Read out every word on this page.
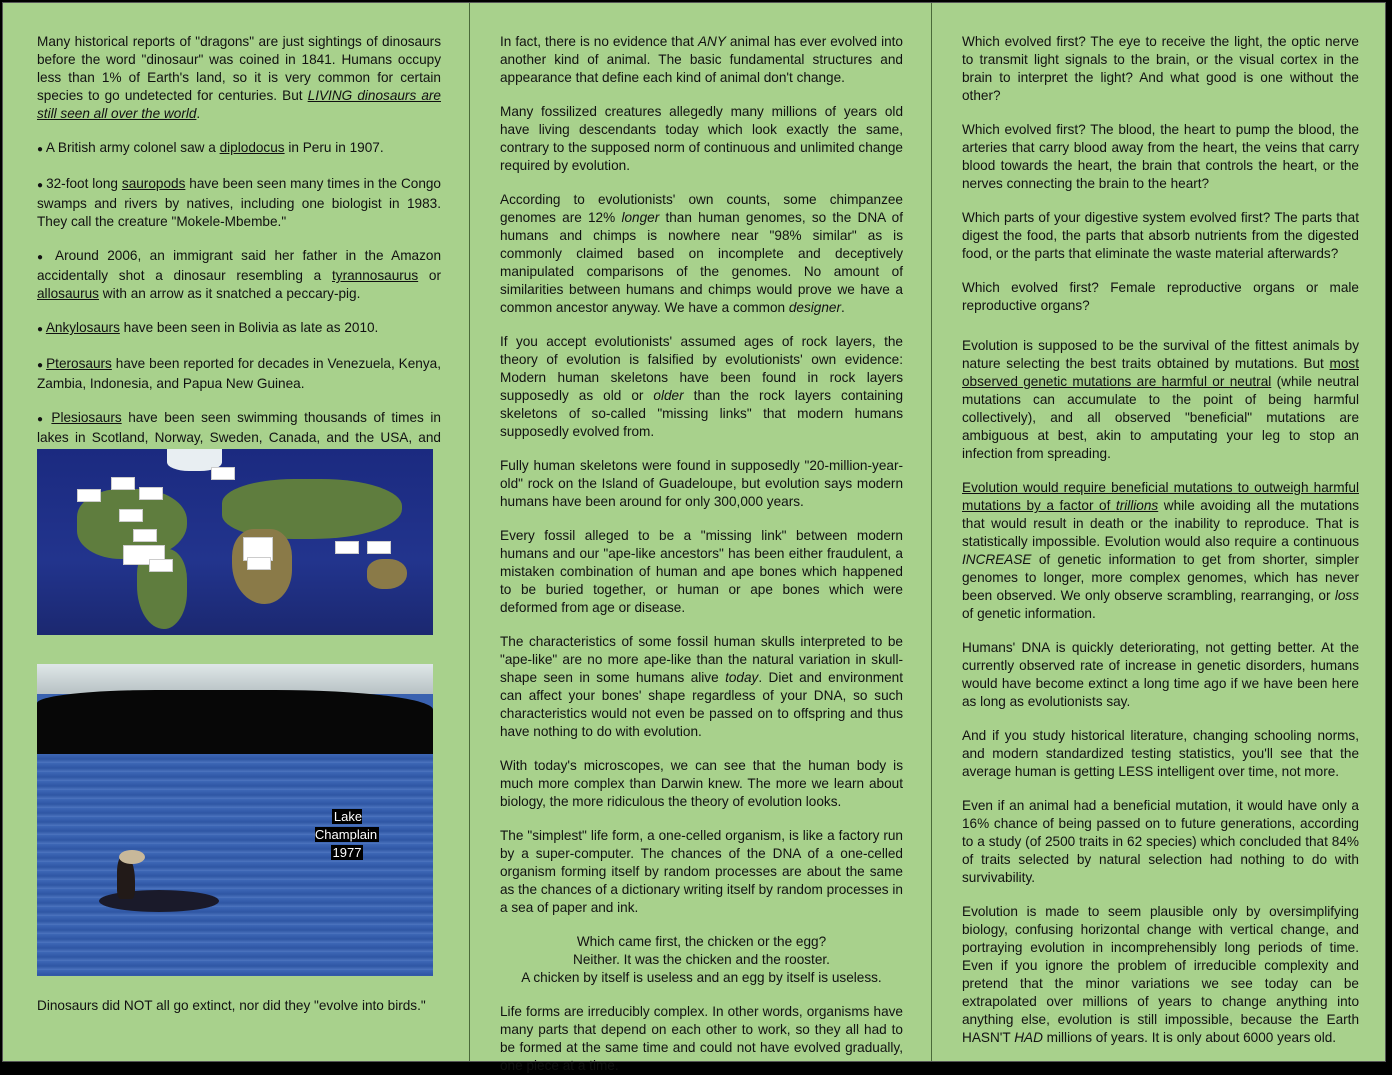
Many historical reports of "dragons" are just sightings of dinosaurs before the word "dinosaur" was coined in 1841. Humans occupy less than 1% of Earth's land, so it is very common for certain species to go undetected for centuries. But LIVING dinosaurs are still seen all over the world.

● A British army colonel saw a diplodocus in Peru in 1907.

● 32-foot long sauropods have been seen many times in the Congo swamps and rivers by natives, including one biologist in 1983. They call the creature "Mokele-Mbembe."

● Around 2006, an immigrant said her father in the Amazon accidentally shot a dinosaur resembling a tyrannosaurus or allosaurus with an arrow as it snatched a peccary-pig.

● Ankylosaurs have been seen in Bolivia as late as 2010.

● Pterosaurs have been reported for decades in Venezuela, Kenya, Zambia, Indonesia, and Papua New Guinea.

● Plesiosaurs have been seen swimming thousands of times in lakes in Scotland, Norway, Sweden, Canada, and the USA, and

Lake Champlain
1977
Dinosaurs did NOT all go extinct, nor did they "evolve into birds."

In fact, there is no evidence that ANY animal has ever evolved into another kind of animal. The basic fundamental structures and appearance that define each kind of animal don't change.

Many fossilized creatures allegedly many millions of years old have living descendants today which look exactly the same, contrary to the supposed norm of continuous and unlimited change required by evolution.

According to evolutionists' own counts, some chimpanzee genomes are 12% longer than human genomes, so the DNA of humans and chimps is nowhere near "98% similar" as is commonly claimed based on incomplete and deceptively manipulated comparisons of the genomes. No amount of similarities between humans and chimps would prove we have a common ancestor anyway. We have a common designer.

If you accept evolutionists' assumed ages of rock layers, the theory of evolution is falsified by evolutionists' own evidence: Modern human skeletons have been found in rock layers supposedly as old or older than the rock layers containing skeletons of so-called "missing links" that modern humans supposedly evolved from.

Fully human skeletons were found in supposedly "20-million-year-old" rock on the Island of Guadeloupe, but evolution says modern humans have been around for only 300,000 years.

Every fossil alleged to be a "missing link" between modern humans and our "ape-like ancestors" has been either fraudulent, a mistaken combination of human and ape bones which happened to be buried together, or human or ape bones which were deformed from age or disease.

The characteristics of some fossil human skulls interpreted to be "ape-like" are no more ape-like than the natural variation in skull-shape seen in some humans alive today. Diet and environment can affect your bones' shape regardless of your DNA, so such characteristics would not even be passed on to offspring and thus have nothing to do with evolution.

With today's microscopes, we can see that the human body is much more complex than Darwin knew. The more we learn about biology, the more ridiculous the theory of evolution looks.

The "simplest" life form, a one-celled organism, is like a factory run by a super-computer. The chances of the DNA of a one-celled organism forming itself by random processes are about the same as the chances of a dictionary writing itself by random processes in a sea of paper and ink.

Which came first, the chicken or the egg?
Neither. It was the chicken and the rooster.
A chicken by itself is useless and an egg by itself is useless.

Life forms are irreducibly complex. In other words, organisms have many parts that depend on each other to work, so they all had to be formed at the same time and could not have evolved gradually, one piece at a time.

Which evolved first? The eye to receive the light, the optic nerve to transmit light signals to the brain, or the visual cortex in the brain to interpret the light? And what good is one without the other?

Which evolved first? The blood, the heart to pump the blood, the arteries that carry blood away from the heart, the veins that carry blood towards the heart, the brain that controls the heart, or the nerves connecting the brain to the heart?

Which parts of your digestive system evolved first? The parts that digest the food, the parts that absorb nutrients from the digested food, or the parts that eliminate the waste material afterwards?

Which evolved first? Female reproductive organs or male reproductive organs?

Evolution is supposed to be the survival of the fittest animals by nature selecting the best traits obtained by mutations. But most observed genetic mutations are harmful or neutral (while neutral mutations can accumulate to the point of being harmful collectively), and all observed "beneficial" mutations are ambiguous at best, akin to amputating your leg to stop an infection from spreading.

Evolution would require beneficial mutations to outweigh harmful mutations by a factor of trillions while avoiding all the mutations that would result in death or the inability to reproduce. That is statistically impossible. Evolution would also require a continuous INCREASE of genetic information to get from shorter, simpler genomes to longer, more complex genomes, which has never been observed. We only observe scrambling, rearranging, or loss of genetic information.

Humans' DNA is quickly deteriorating, not getting better. At the currently observed rate of increase in genetic disorders, humans would have become extinct a long time ago if we have been here as long as evolutionists say.

And if you study historical literature, changing schooling norms, and modern standardized testing statistics, you'll see that the average human is getting LESS intelligent over time, not more.

Even if an animal had a beneficial mutation, it would have only a 16% chance of being passed on to future generations, according to a study (of 2500 traits in 62 species) which concluded that 84% of traits selected by natural selection had nothing to do with survivability.

Evolution is made to seem plausible only by oversimplifying biology, confusing horizontal change with vertical change, and portraying evolution in incomprehensibly long periods of time. Even if you ignore the problem of irreducible complexity and pretend that the minor variations we see today can be extrapolated over millions of years to change anything into anything else, evolution is still impossible, because the Earth HASN'T HAD millions of years. It is only about 6000 years old.
